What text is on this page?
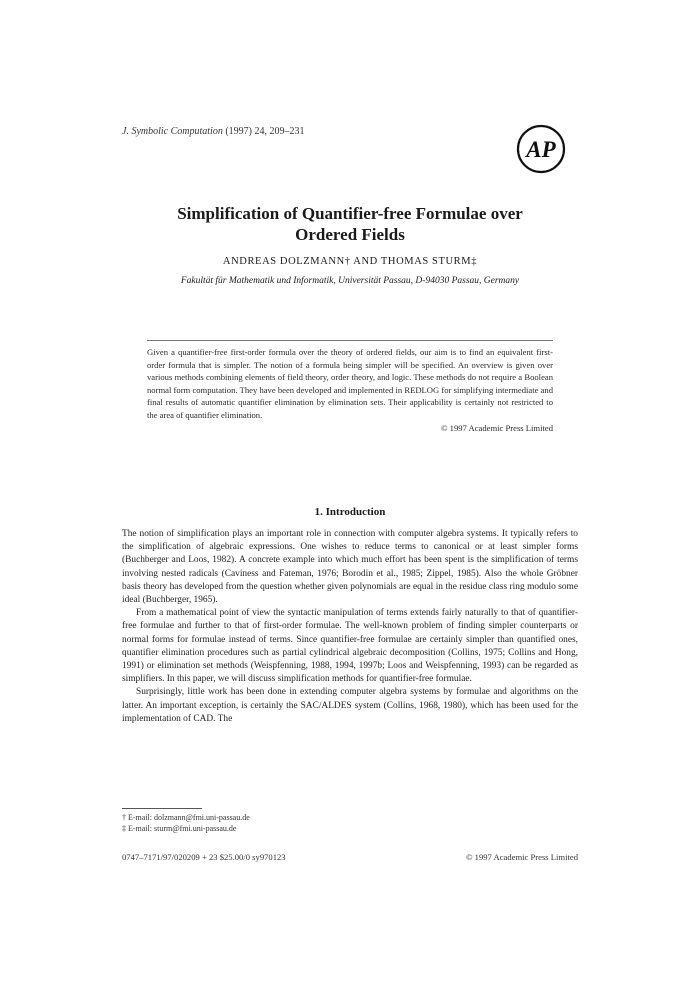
J. Symbolic Computation (1997) 24, 209–231
AP
Simplification of Quantifier-free Formulae over
Ordered Fields
ANDREAS DOLZMANN† AND THOMAS STURM‡
Fakultät für Mathematik und Informatik, Universität Passau, D-94030 Passau, Germany
Given a quantifier-free first-order formula over the theory of ordered fields, our aim is to find an equivalent first-order formula that is simpler. The notion of a formula being simpler will be specified. An overview is given over various methods combining elements of field theory, order theory, and logic. These methods do not require a Boolean normal form computation. They have been developed and implemented in REDLOG for simplifying intermediate and final results of automatic quantifier elimination by elimination sets. Their applicability is certainly not restricted to the area of quantifier elimination.
© 1997 Academic Press Limited
1. Introduction

The notion of simplification plays an important role in connection with computer algebra systems. It typically refers to the simplification of algebraic expressions. One wishes to reduce terms to canonical or at least simpler forms (Buchberger and Loos, 1982). A concrete example into which much effort has been spent is the simplification of terms involving nested radicals (Caviness and Fateman, 1976; Borodin et al., 1985; Zippel, 1985). Also the whole Gröbner basis theory has developed from the question whether given polynomials are equal in the residue class ring modulo some ideal (Buchberger, 1965).

From a mathematical point of view the syntactic manipulation of terms extends fairly naturally to that of quantifier-free formulae and further to that of first-order formulae. The well-known problem of finding simpler counterparts or normal forms for formulae instead of terms. Since quantifier-free formulae are certainly simpler than quantified ones, quantifier elimination procedures such as partial cylindrical algebraic decomposition (Collins, 1975; Collins and Hong, 1991) or elimination set methods (Weispfenning, 1988, 1994, 1997b; Loos and Weispfenning, 1993) can be regarded as simplifiers. In this paper, we will discuss simplification methods for quantifier-free formulae.

Surprisingly, little work has been done in extending computer algebra systems by formulae and algorithms on the latter. An important exception, is certainly the SAC/ALDES system (Collins, 1968, 1980), which has been used for the implementation of CAD. The

† E-mail: dolzmann@fmi.uni-passau.de
‡ E-mail: sturm@fmi.uni-passau.de
0747–7171/97/020209 + 23 $25.00/0 sy970123	© 1997 Academic Press Limited
